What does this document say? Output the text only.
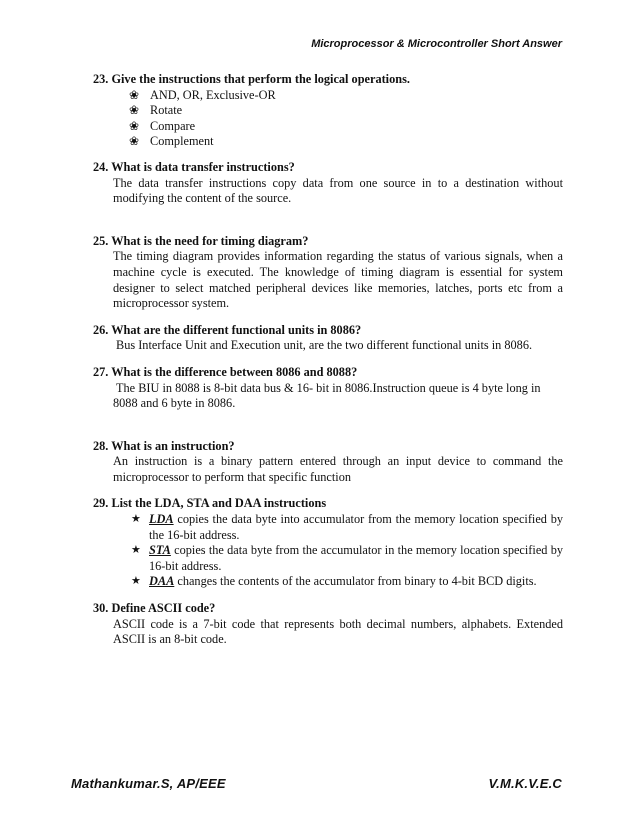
Microprocessor & Microcontroller Short Answer
23. Give the instructions that perform the logical operations.
❀ AND, OR, Exclusive-OR
❀ Rotate
❀ Compare
❀ Complement
24. What is data transfer instructions?
The data transfer instructions copy data from one source in to a destination without modifying the content of the source.
25. What is the need for timing diagram?
The timing diagram provides information regarding the status of various signals, when a machine cycle is executed. The knowledge of timing diagram is essential for system designer to select matched peripheral devices like memories, latches, ports etc from a microprocessor system.
26. What are the different functional units in 8086?
Bus Interface Unit and Execution unit, are the two different functional units in 8086.
27. What is the difference between 8086 and 8088?
The BIU in 8088 is 8-bit data bus & 16- bit in 8086.Instruction queue is 4 byte long in 8088 and 6 byte in 8086.
28. What is an instruction?
An instruction is a binary pattern entered through an input device to command the microprocessor to perform that specific function
29. List the LDA, STA and DAA instructions
★ LDA copies the data byte into accumulator from the memory location specified by the 16-bit address.
★ STA copies the data byte from the accumulator in the memory location specified by 16-bit address.
★ DAA changes the contents of the accumulator from binary to 4-bit BCD digits.
30. Define ASCII code?
ASCII code is a 7-bit code that represents both decimal numbers, alphabets. Extended ASCII is an 8-bit code.
Mathankumar.S, AP/EEE	V.M.K.V.E.C
